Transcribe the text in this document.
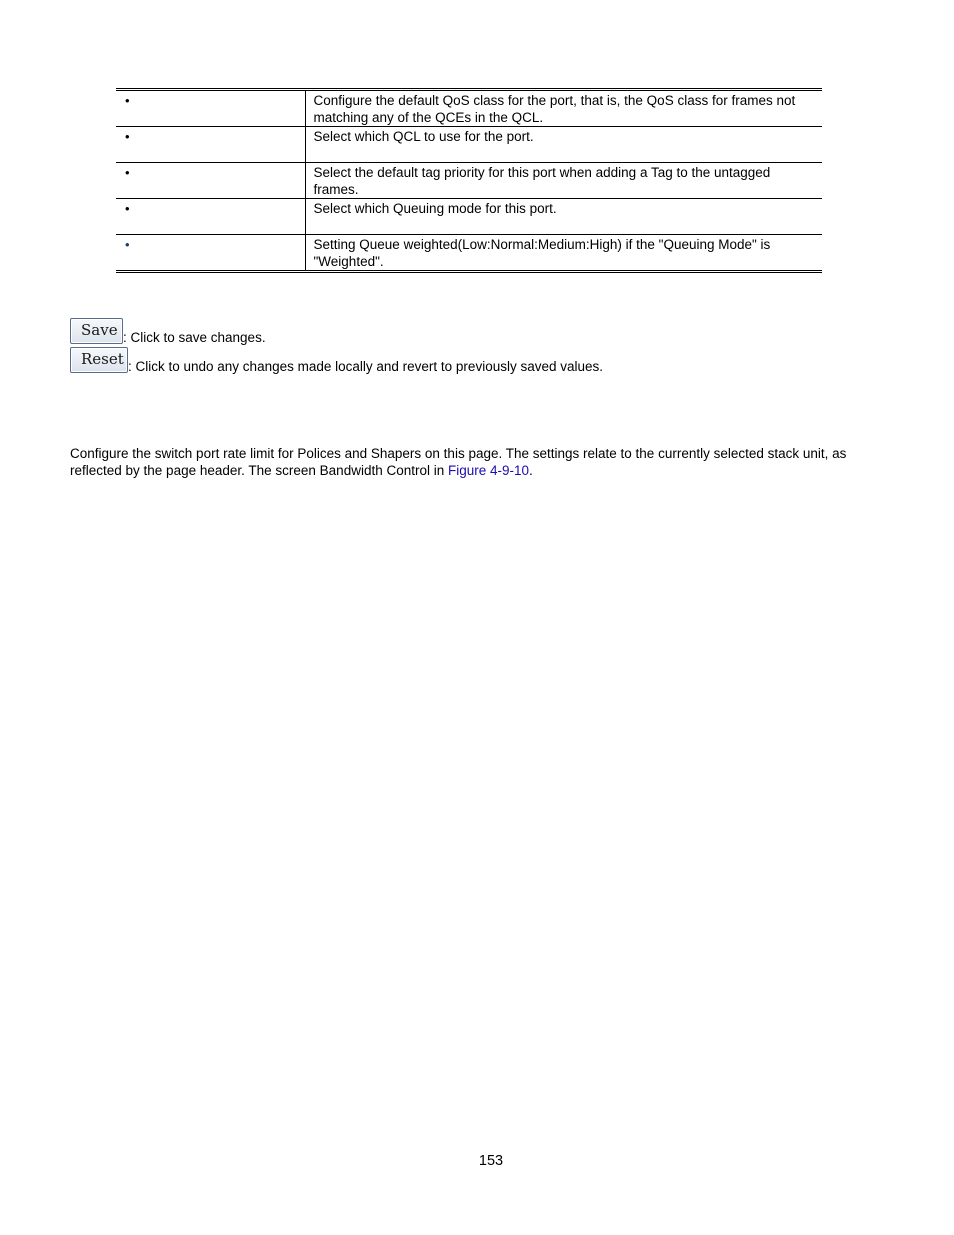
•	Configure the default QoS class for the port, that is, the QoS class for frames not matching any of the QCEs in the QCL.
•	Select which QCL to use for the port.
•	Select the default tag priority for this port when adding a Tag to the untagged frames.
•	Select which Queuing mode for this port.
•	Setting Queue weighted(Low:Normal:Medium:High) if the "Queuing Mode" is "Weighted".
Save : Click to save changes.
Reset : Click to undo any changes made locally and revert to previously saved values.

Configure the switch port rate limit for Polices and Shapers on this page. The settings relate to the currently selected stack unit, as reflected by the page header. The screen Bandwidth Control in Figure 4-9-10.

153
